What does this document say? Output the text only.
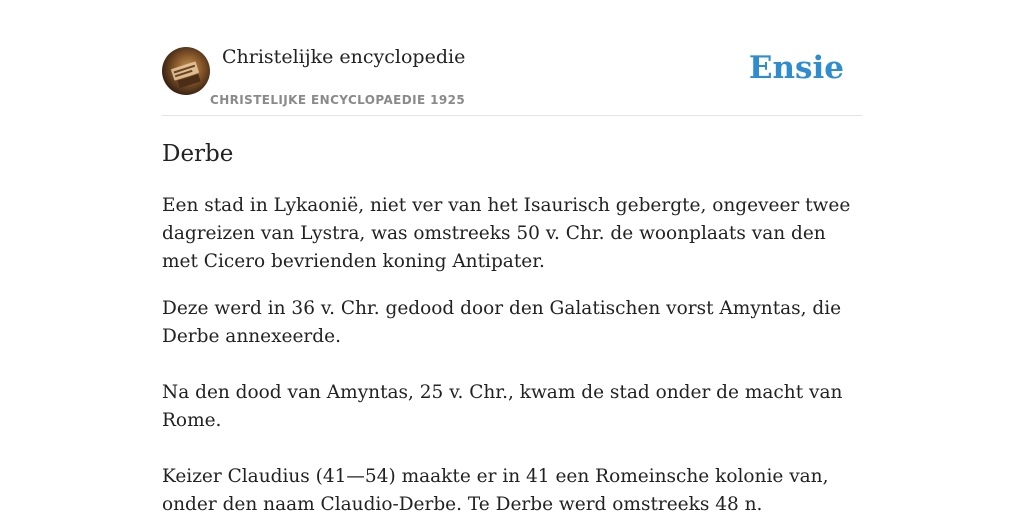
Christelijke encyclopedie
CHRISTELIJKE ENCYCLOPAEDIE 1925
Ensie
Derbe

Een stad in Lykaonië, niet ver van het Isaurisch gebergte, ongeveer twee dagreizen van Lystra, was omstreeks 50 v. Chr. de woonplaats van den met Cicero bevrienden koning Antipater.

Deze werd in 36 v. Chr. gedood door den Galatischen vorst Amyntas, die Derbe annexeerde.

Na den dood van Amyntas, 25 v. Chr., kwam de stad onder de macht van Rome.

Keizer Claudius (41—54) maakte er in 41 een Romeinsche kolonie van, onder den naam Claudio-Derbe. Te Derbe werd omstreeks 48 n.
